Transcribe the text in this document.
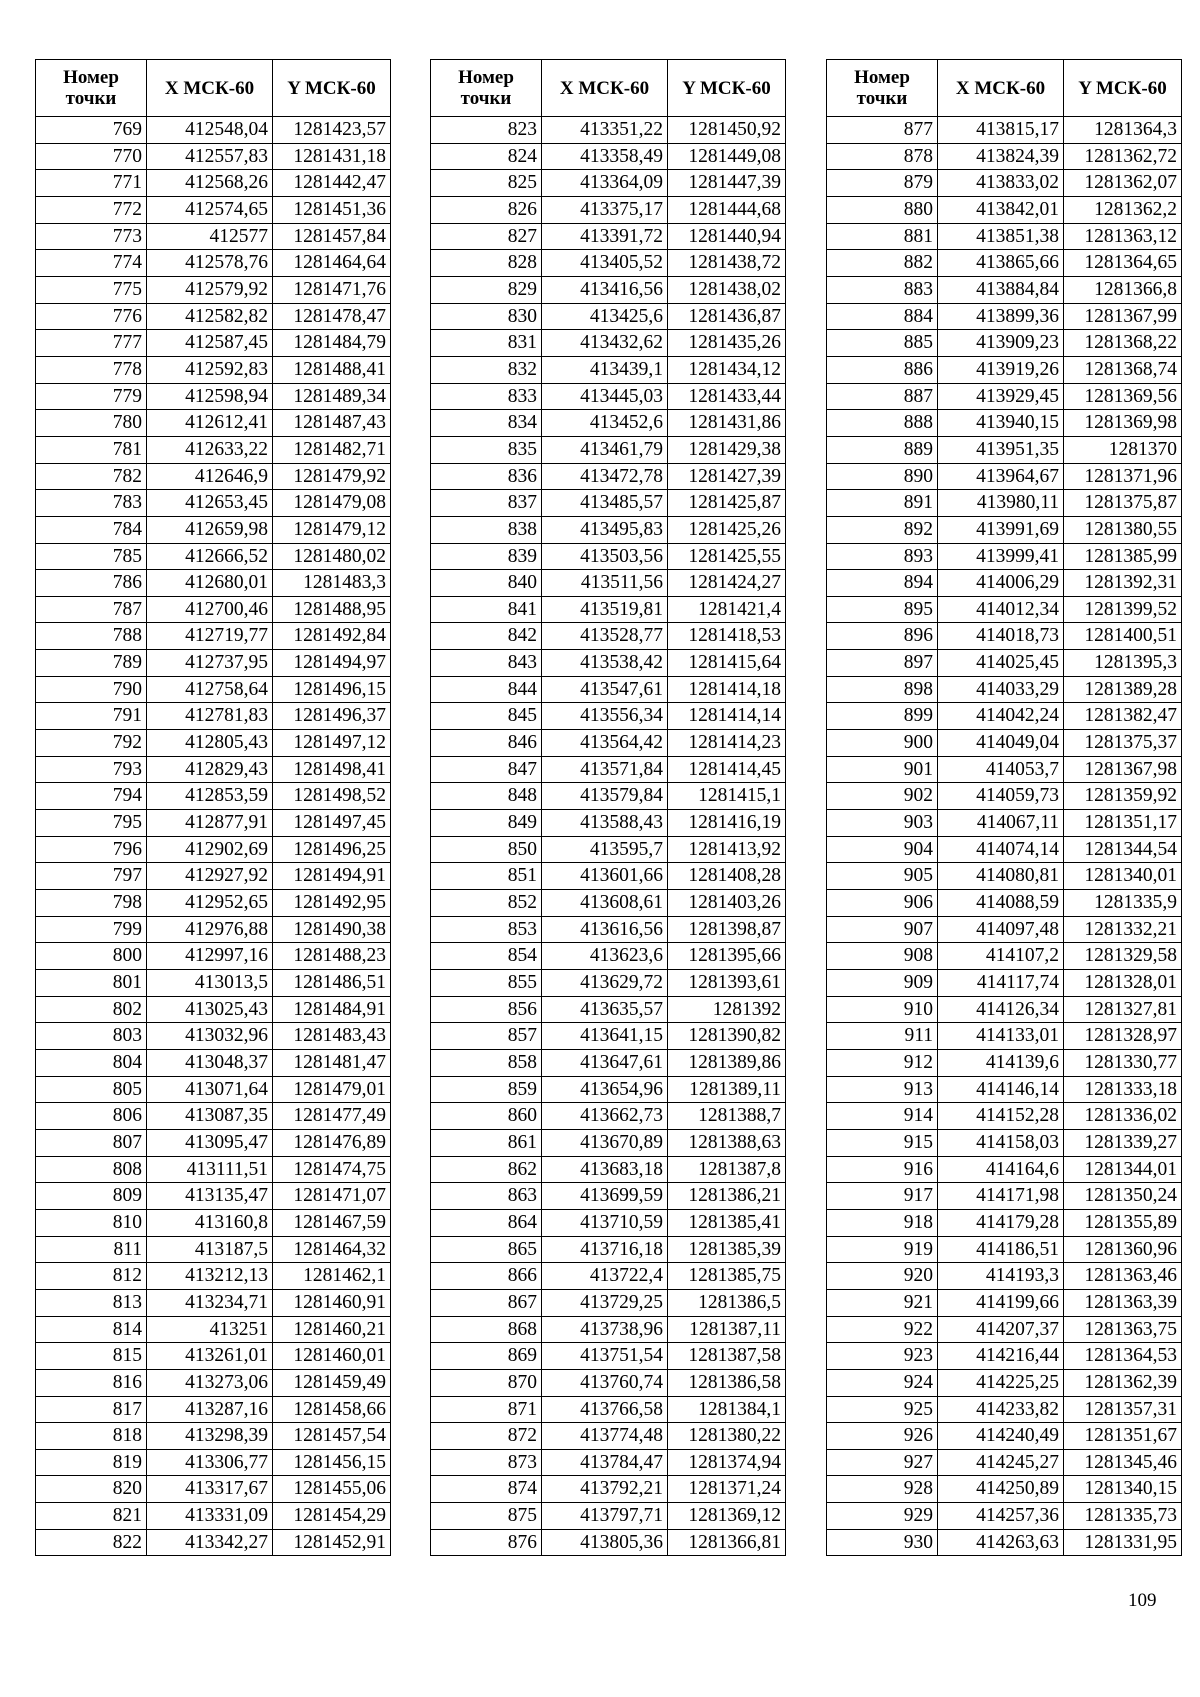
Номер точки	X МСК-60	Y МСК-60
769	412548,04	1281423,57
770	412557,83	1281431,18
771	412568,26	1281442,47
772	412574,65	1281451,36
773	412577	1281457,84
774	412578,76	1281464,64
775	412579,92	1281471,76
776	412582,82	1281478,47
777	412587,45	1281484,79
778	412592,83	1281488,41
779	412598,94	1281489,34
780	412612,41	1281487,43
781	412633,22	1281482,71
782	412646,9	1281479,92
783	412653,45	1281479,08
784	412659,98	1281479,12
785	412666,52	1281480,02
786	412680,01	1281483,3
787	412700,46	1281488,95
788	412719,77	1281492,84
789	412737,95	1281494,97
790	412758,64	1281496,15
791	412781,83	1281496,37
792	412805,43	1281497,12
793	412829,43	1281498,41
794	412853,59	1281498,52
795	412877,91	1281497,45
796	412902,69	1281496,25
797	412927,92	1281494,91
798	412952,65	1281492,95
799	412976,88	1281490,38
800	412997,16	1281488,23
801	413013,5	1281486,51
802	413025,43	1281484,91
803	413032,96	1281483,43
804	413048,37	1281481,47
805	413071,64	1281479,01
806	413087,35	1281477,49
807	413095,47	1281476,89
808	413111,51	1281474,75
809	413135,47	1281471,07
810	413160,8	1281467,59
811	413187,5	1281464,32
812	413212,13	1281462,1
813	413234,71	1281460,91
814	413251	1281460,21
815	413261,01	1281460,01
816	413273,06	1281459,49
817	413287,16	1281458,66
818	413298,39	1281457,54
819	413306,77	1281456,15
820	413317,67	1281455,06
821	413331,09	1281454,29
822	413342,27	1281452,91
Номер точки	X МСК-60	Y МСК-60
823	413351,22	1281450,92
824	413358,49	1281449,08
825	413364,09	1281447,39
826	413375,17	1281444,68
827	413391,72	1281440,94
828	413405,52	1281438,72
829	413416,56	1281438,02
830	413425,6	1281436,87
831	413432,62	1281435,26
832	413439,1	1281434,12
833	413445,03	1281433,44
834	413452,6	1281431,86
835	413461,79	1281429,38
836	413472,78	1281427,39
837	413485,57	1281425,87
838	413495,83	1281425,26
839	413503,56	1281425,55
840	413511,56	1281424,27
841	413519,81	1281421,4
842	413528,77	1281418,53
843	413538,42	1281415,64
844	413547,61	1281414,18
845	413556,34	1281414,14
846	413564,42	1281414,23
847	413571,84	1281414,45
848	413579,84	1281415,1
849	413588,43	1281416,19
850	413595,7	1281413,92
851	413601,66	1281408,28
852	413608,61	1281403,26
853	413616,56	1281398,87
854	413623,6	1281395,66
855	413629,72	1281393,61
856	413635,57	1281392
857	413641,15	1281390,82
858	413647,61	1281389,86
859	413654,96	1281389,11
860	413662,73	1281388,7
861	413670,89	1281388,63
862	413683,18	1281387,8
863	413699,59	1281386,21
864	413710,59	1281385,41
865	413716,18	1281385,39
866	413722,4	1281385,75
867	413729,25	1281386,5
868	413738,96	1281387,11
869	413751,54	1281387,58
870	413760,74	1281386,58
871	413766,58	1281384,1
872	413774,48	1281380,22
873	413784,47	1281374,94
874	413792,21	1281371,24
875	413797,71	1281369,12
876	413805,36	1281366,81
Номер точки	X МСК-60	Y МСК-60
877	413815,17	1281364,3
878	413824,39	1281362,72
879	413833,02	1281362,07
880	413842,01	1281362,2
881	413851,38	1281363,12
882	413865,66	1281364,65
883	413884,84	1281366,8
884	413899,36	1281367,99
885	413909,23	1281368,22
886	413919,26	1281368,74
887	413929,45	1281369,56
888	413940,15	1281369,98
889	413951,35	1281370
890	413964,67	1281371,96
891	413980,11	1281375,87
892	413991,69	1281380,55
893	413999,41	1281385,99
894	414006,29	1281392,31
895	414012,34	1281399,52
896	414018,73	1281400,51
897	414025,45	1281395,3
898	414033,29	1281389,28
899	414042,24	1281382,47
900	414049,04	1281375,37
901	414053,7	1281367,98
902	414059,73	1281359,92
903	414067,11	1281351,17
904	414074,14	1281344,54
905	414080,81	1281340,01
906	414088,59	1281335,9
907	414097,48	1281332,21
908	414107,2	1281329,58
909	414117,74	1281328,01
910	414126,34	1281327,81
911	414133,01	1281328,97
912	414139,6	1281330,77
913	414146,14	1281333,18
914	414152,28	1281336,02
915	414158,03	1281339,27
916	414164,6	1281344,01
917	414171,98	1281350,24
918	414179,28	1281355,89
919	414186,51	1281360,96
920	414193,3	1281363,46
921	414199,66	1281363,39
922	414207,37	1281363,75
923	414216,44	1281364,53
924	414225,25	1281362,39
925	414233,82	1281357,31
926	414240,49	1281351,67
927	414245,27	1281345,46
928	414250,89	1281340,15
929	414257,36	1281335,73
930	414263,63	1281331,95
109
